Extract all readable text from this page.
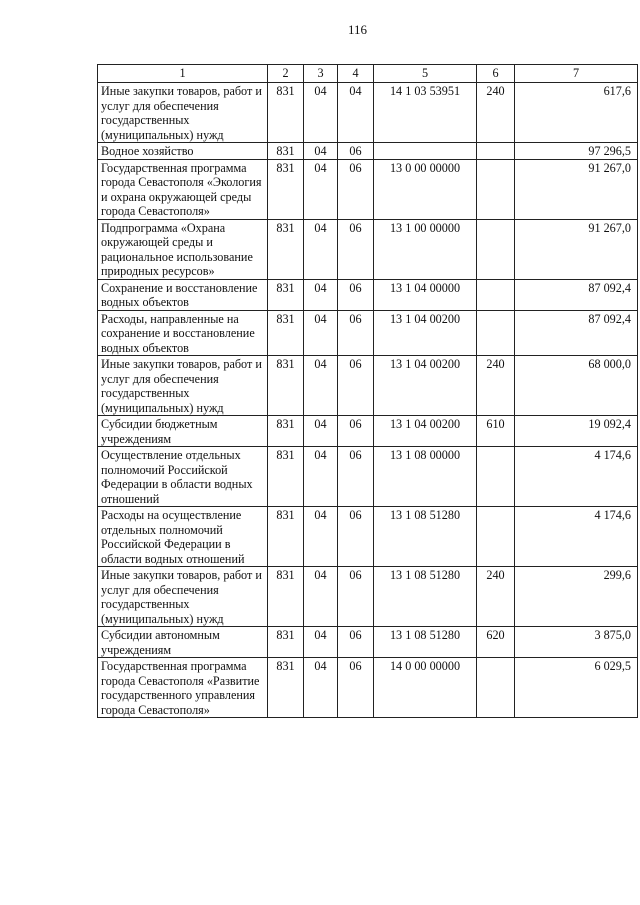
116
1	2	3	4	5	6	7
Иные закупки товаров, работ и услуг для обеспечения государственных (муниципальных) нужд	831	04	04	14 1 03 53951	240	617,6
Водное хозяйство	831	04	06			97 296,5
Государственная программа города Севастополя «Экология и охрана окружающей среды города Севастополя»	831	04	06	13 0 00 00000		91 267,0
Подпрограмма «Охрана окружающей среды и рациональное использование природных ресурсов»	831	04	06	13 1 00 00000		91 267,0
Сохранение и восстановление водных объектов	831	04	06	13 1 04 00000		87 092,4
Расходы, направленные на сохранение и восстановление водных объектов	831	04	06	13 1 04 00200		87 092,4
Иные закупки товаров, работ и услуг для обеспечения государственных (муниципальных) нужд	831	04	06	13 1 04 00200	240	68 000,0
Субсидии бюджетным учреждениям	831	04	06	13 1 04 00200	610	19 092,4
Осуществление отдельных полномочий Российской Федерации в области водных отношений	831	04	06	13 1 08 00000		4 174,6
Расходы на осуществление отдельных полномочий Российской Федерации в области водных отношений	831	04	06	13 1 08 51280		4 174,6
Иные закупки товаров, работ и услуг для обеспечения государственных (муниципальных) нужд	831	04	06	13 1 08 51280	240	299,6
Субсидии автономным учреждениям	831	04	06	13 1 08 51280	620	3 875,0
Государственная программа города Севастополя «Развитие государственного управления города Севастополя»	831	04	06	14 0 00 00000		6 029,5
